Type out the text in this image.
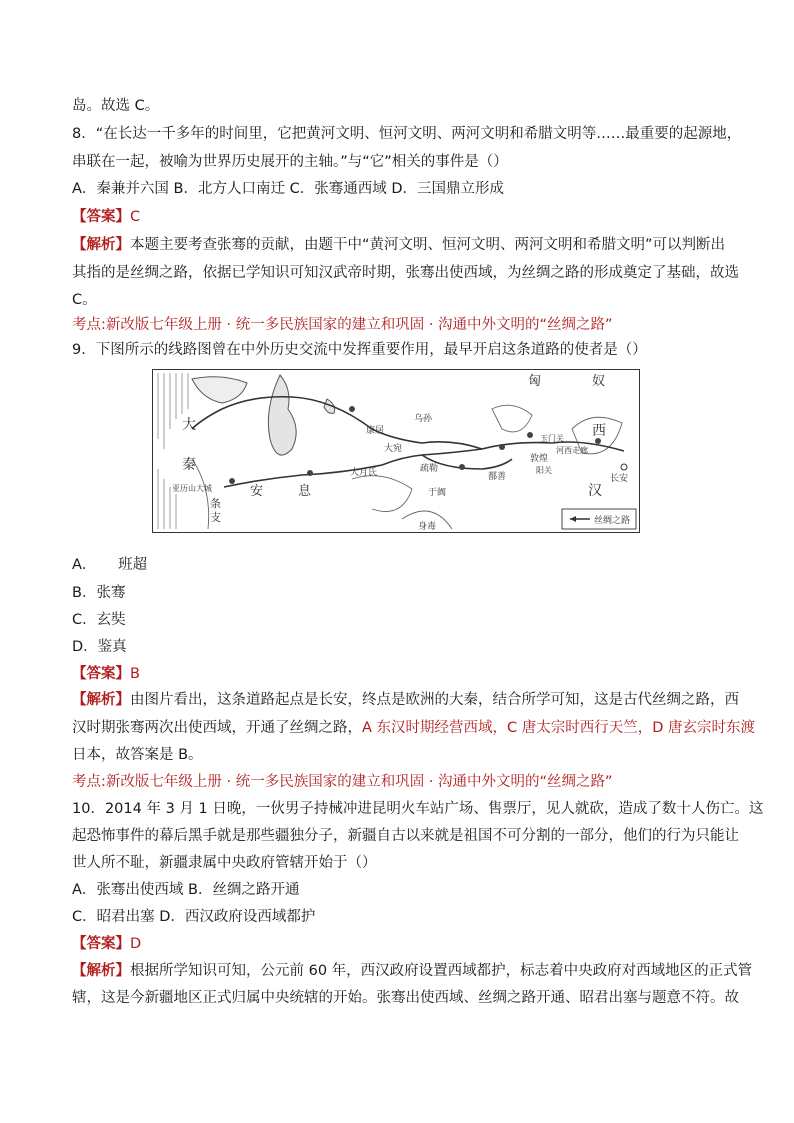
岛。故选 C。
8．“在长达一千多年的时间里，它把黄河文明、恒河文明、两河文明和希腊文明等……最重要的起源地，
串联在一起，被喻为世界历史展开的主轴。”与“它”相关的事件是（）
A．秦兼并六国 B．北方人口南迁 C．张骞通西域 D．三国鼎立形成
【答案】C
【解析】本题主要考查张骞的贡献，由题干中“黄河文明、恒河文明、两河文明和希腊文明”可以判断出
其指的是丝绸之路，依据已学知识可知汉武帝时期，张骞出使西域，为丝绸之路的形成奠定了基础，故选
C。
考点:新改版七年级上册 · 统一多民族国家的建立和巩固 · 沟通中外文明的“丝绸之路”
9．下图所示的线路图曾在中外历史交流中发挥重要作用，最早开启这条道路的使者是（）
匈	奴
西
汉
长安
大
秦
安	息
康居
乌孙
大宛
大月氏	疏勒
于阗
鄯善
敦煌
玉门关
阳关
河西走廊
条
支
亚历山大城
身毒
丝绸之路
A．　　班超
B．张骞
C．玄奘
D．鉴真
【答案】B
【解析】由图片看出，这条道路起点是长安，终点是欧洲的大秦，结合所学可知，这是古代丝绸之路，西
汉时期张骞两次出使西域，开通了丝绸之路，A 东汉时期经营西域，C 唐太宗时西行天竺，D 唐玄宗时东渡
日本，故答案是 B。
考点:新改版七年级上册 · 统一多民族国家的建立和巩固 · 沟通中外文明的“丝绸之路”
10．2014 年 3 月 1 日晚，一伙男子持械冲进昆明火车站广场、售票厅，见人就砍，造成了数十人伤亡。这
起恐怖事件的幕后黑手就是那些疆独分子，新疆自古以来就是祖国不可分割的一部分，他们的行为只能让
世人所不耻，新疆隶属中央政府管辖开始于（）
A．张骞出使西域 B．丝绸之路开通
C．昭君出塞 D．西汉政府设西域都护
【答案】D
【解析】根据所学知识可知，公元前 60 年，西汉政府设置西域都护，标志着中央政府对西域地区的正式管
辖，这是今新疆地区正式归属中央统辖的开始。张骞出使西域、丝绸之路开通、昭君出塞与题意不符。故
